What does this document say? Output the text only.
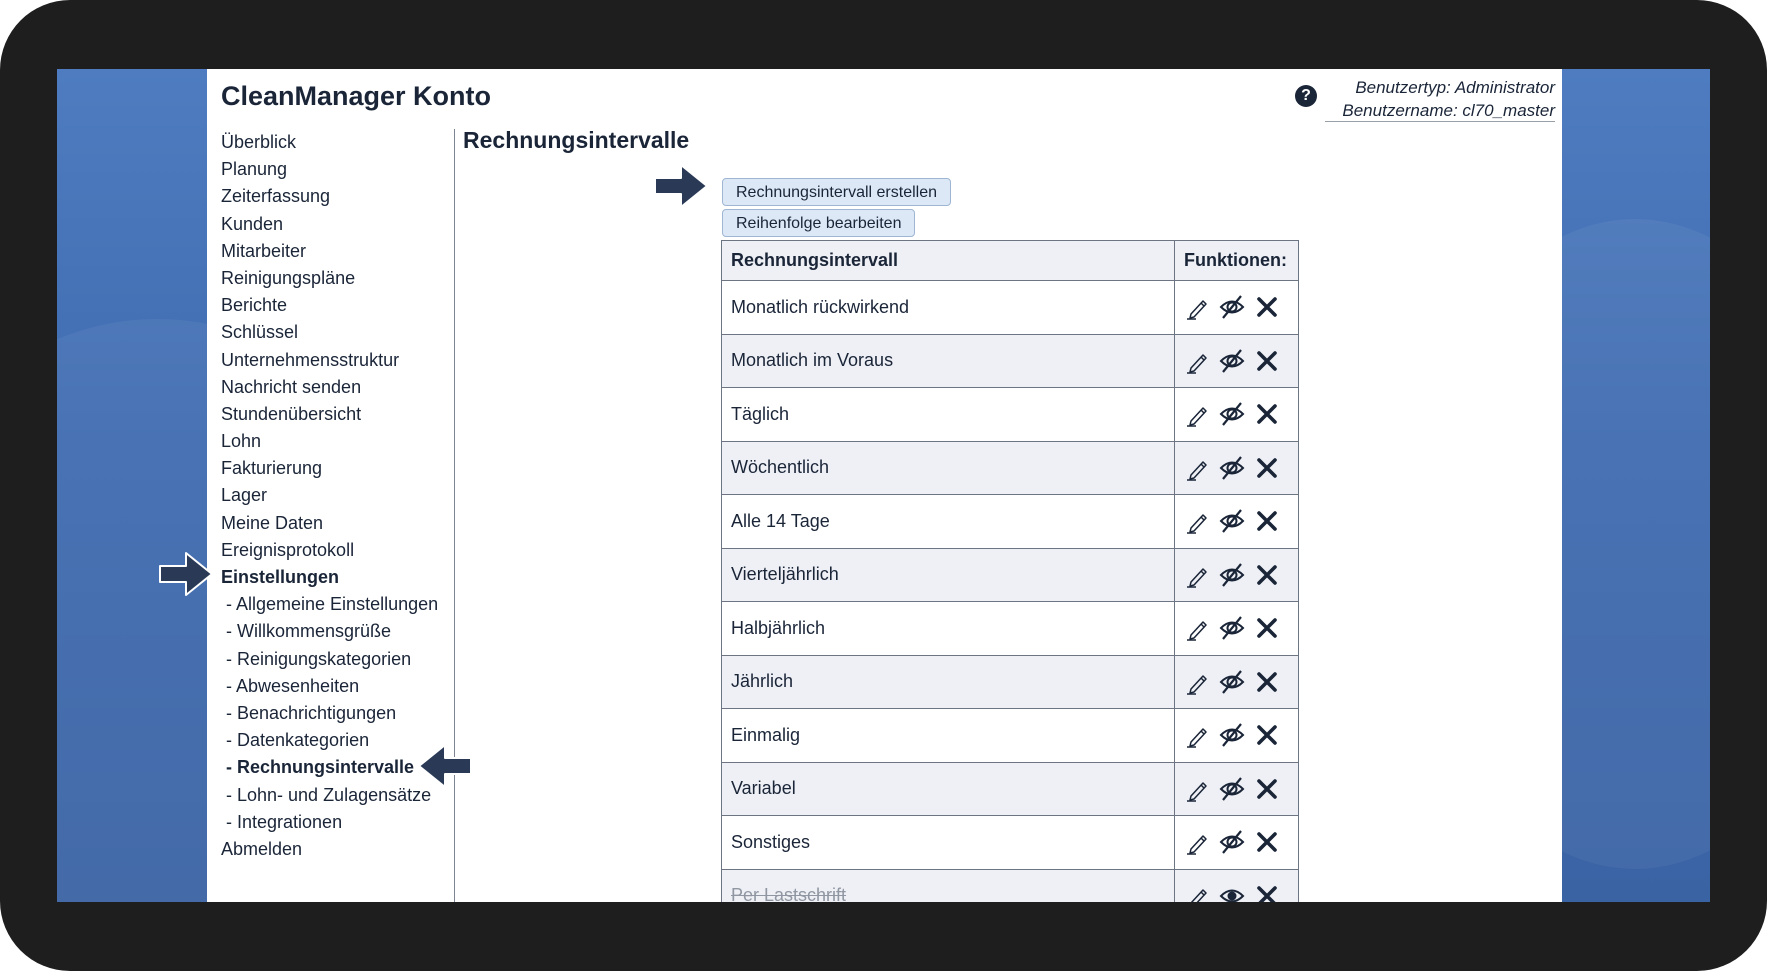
CleanManager Konto	?	Benutzertyp: Administrator
Benutzername: cl70_master
Überblick
Planung
Zeiterfassung
Kunden
Mitarbeiter
Reinigungspläne
Berichte
Schlüssel
Unternehmensstruktur
Nachricht senden
Stundenübersicht
Lohn
Fakturierung
Lager
Meine Daten
Ereignisprotokoll
Einstellungen
- Allgemeine Einstellungen
- Willkommensgrüße
- Reinigungskategorien
- Abwesenheiten
- Benachrichtigungen
- Datenkategorien
- Rechnungsintervalle
- Lohn- und Zulagensätze
- Integrationen
Abmelden
Rechnungsintervalle
Rechnungsintervall erstellen
Reihenfolge bearbeiten
Rechnungsintervall	Funktionen:
Monatlich rückwirkend	

Monatlich im Voraus	

Täglich	

Wöchentlich	

Alle 14 Tage	

Vierteljährlich	

Halbjährlich	

Jährlich	

Einmalig	

Variabel	

Sonstiges	

Per Lastschrift	
